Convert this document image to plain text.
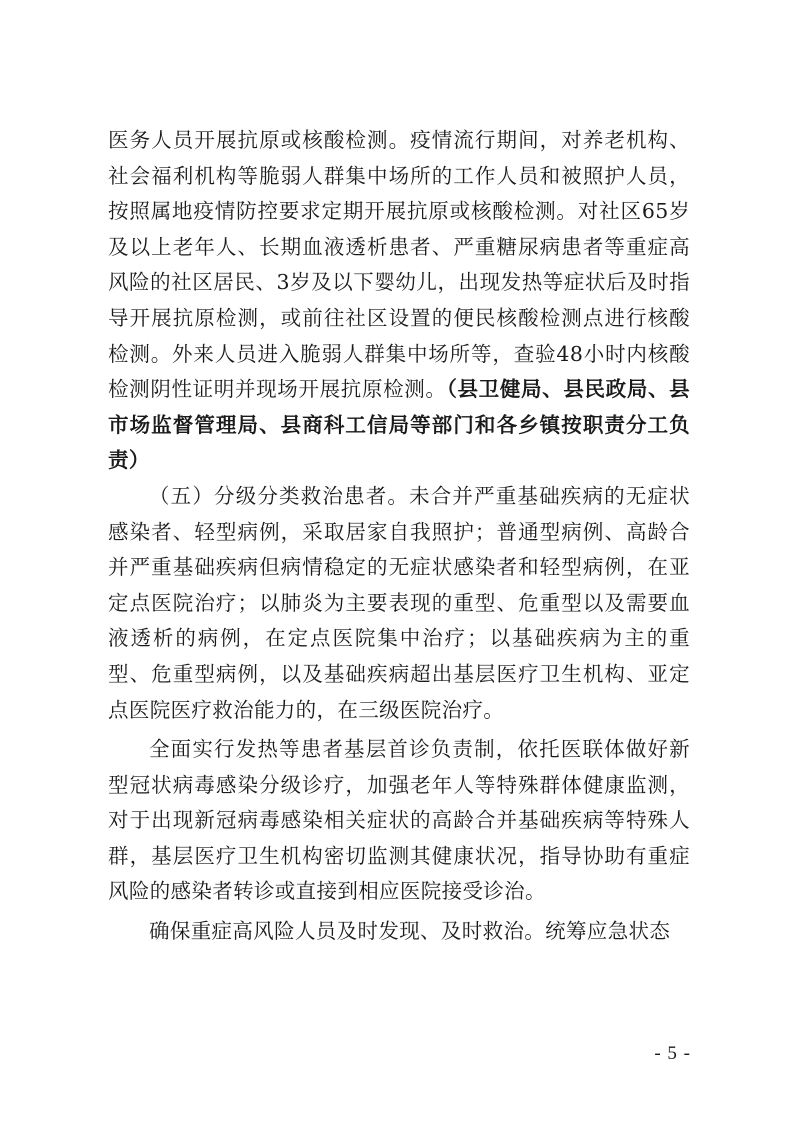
医务人员开展抗原或核酸检测。疫情流行期间，对养老机构、社会福利机构等脆弱人群集中场所的工作人员和被照护人员，按照属地疫情防控要求定期开展抗原或核酸检测。对社区65岁及以上老年人、长期血液透析患者、严重糖尿病患者等重症高风险的社区居民、3岁及以下婴幼儿，出现发热等症状后及时指导开展抗原检测，或前往社区设置的便民核酸检测点进行核酸检测。外来人员进入脆弱人群集中场所等，查验48小时内核酸检测阴性证明并现场开展抗原检测。（县卫健局、县民政局、县市场监督管理局、县商科工信局等部门和各乡镇按职责分工负责）

（五）分级分类救治患者。未合并严重基础疾病的无症状感染者、轻型病例，采取居家自我照护；普通型病例、高龄合并严重基础疾病但病情稳定的无症状感染者和轻型病例，在亚定点医院治疗；以肺炎为主要表现的重型、危重型以及需要血液透析的病例，在定点医院集中治疗；以基础疾病为主的重型、危重型病例，以及基础疾病超出基层医疗卫生机构、亚定点医院医疗救治能力的，在三级医院治疗。

全面实行发热等患者基层首诊负责制，依托医联体做好新型冠状病毒感染分级诊疗，加强老年人等特殊群体健康监测，对于出现新冠病毒感染相关症状的高龄合并基础疾病等特殊人群，基层医疗卫生机构密切监测其健康状况，指导协助有重症风险的感染者转诊或直接到相应医院接受诊治。

确保重症高风险人员及时发现、及时救治。统筹应急状态

- 5 -
